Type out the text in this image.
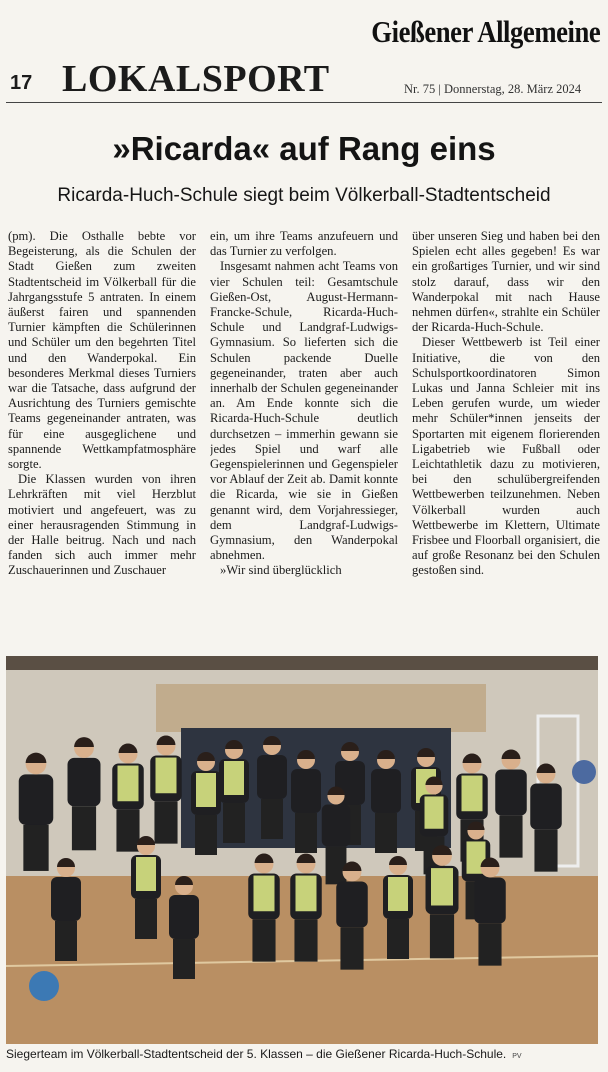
Gießener Allgemeine
17 LOKALSPORT	Nr. 75 | Donnerstag, 28. März 2024
»Ricarda« auf Rang eins
Ricarda-Huch-Schule siegt beim Völkerball-Stadtentscheid

(pm). Die Osthalle bebte vor Begeisterung, als die Schulen der Stadt Gießen zum zweiten Stadtentscheid im Völkerball für die Jahrgangsstufe 5 antraten. In einem äußerst fairen und spannenden Turnier kämpften die Schülerinnen und Schüler um den begehrten Titel und den Wanderpokal. Ein besonderes Merkmal dieses Turniers war die Tatsache, dass aufgrund der Ausrichtung des Turniers gemischte Teams gegeneinander antraten, was für eine ausgeglichene und spannende Wettkampfatmosphäre sorgte.

Die Klassen wurden von ihren Lehrkräften mit viel Herzblut motiviert und angefeuert, was zu einer herausragenden Stimmung in der Halle beitrug. Nach und nach fanden sich auch immer mehr Zuschauerinnen und Zuschauer

ein, um ihre Teams anzufeuern und das Turnier zu verfolgen.

Insgesamt nahmen acht Teams von vier Schulen teil: Gesamtschule Gießen-Ost, August-Hermann-Francke-Schule, Ricarda-Huch-Schule und Landgraf-Ludwigs-Gymnasium. So lieferten sich die Schulen packende Duelle gegeneinander, traten aber auch innerhalb der Schulen gegeneinander an. Am Ende konnte sich die Ricarda-Huch-Schule deutlich durchsetzen – immerhin gewann sie jedes Spiel und warf alle Gegenspielerinnen und Gegenspieler vor Ablauf der Zeit ab. Damit konnte die Ricarda, wie sie in Gießen genannt wird, dem Vorjahressieger, dem Landgraf-Ludwigs-Gymnasium, den Wanderpokal abnehmen.

»Wir sind überglücklich

über unseren Sieg und haben bei den Spielen echt alles gegeben! Es war ein großartiges Turnier, und wir sind stolz darauf, dass wir den Wanderpokal mit nach Hause nehmen dürfen«, strahlte ein Schüler der Ricarda-Huch-Schule.

Dieser Wettbewerb ist Teil einer Initiative, die von den Schulsportkoordinatoren Simon Lukas und Janna Schleier mit ins Leben gerufen wurde, um wieder mehr Schüler*innen jenseits der Sportarten mit eigenem florierenden Ligabetrieb wie Fußball oder Leichtathletik dazu zu motivieren, bei den schulübergreifenden Wettbewerben teilzunehmen. Neben Völkerball wurden auch Wettbewerbe im Klettern, Ultimate Frisbee und Floorball organisiert, die auf große Resonanz bei den Schulen gestoßen sind.

Siegerteam im Völkerball-Stadtentscheid der 5. Klassen – die Gießener Ricarda-Huch-Schule. PV
